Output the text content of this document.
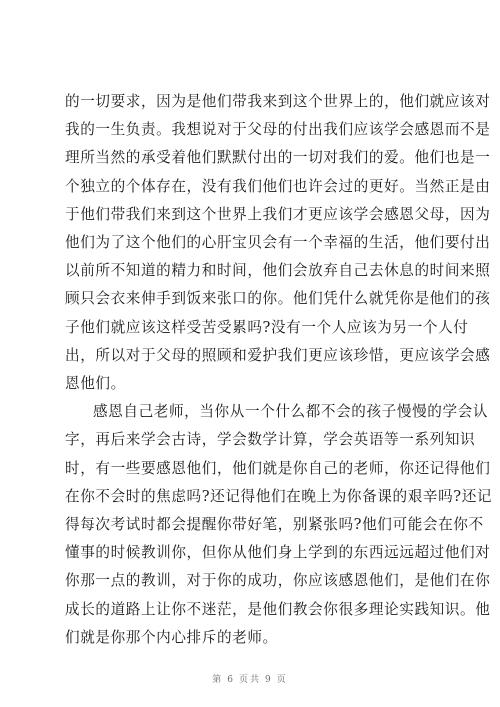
的一切要求，因为是他们带我来到这个世界上的，他们就应该对
我的一生负责。我想说对于父母的付出我们应该学会感恩而不是
理所当然的承受着他们默默付出的一切对我们的爱。他们也是一
个独立的个体存在，没有我们他们也许会过的更好。当然正是由
于他们带我们来到这个世界上我们才更应该学会感恩父母，因为
他们为了这个他们的心肝宝贝会有一个幸福的生活，他们要付出
以前所不知道的精力和时间，他们会放弃自己去休息的时间来照
顾只会衣来伸手到饭来张口的你。他们凭什么就凭你是他们的孩
子他们就应该这样受苦受累吗?没有一个人应该为另一个人付
出，所以对于父母的照顾和爱护我们更应该珍惜，更应该学会感
恩他们。

感恩自己老师，当你从一个什么都不会的孩子慢慢的学会认
字，再后来学会古诗，学会数学计算，学会英语等一系列知识
时，有一些要感恩他们，他们就是你自己的老师，你还记得他们
在你不会时的焦虑吗?还记得他们在晚上为你备课的艰辛吗?还记
得每次考试时都会提醒你带好笔，别紧张吗?他们可能会在你不
懂事的时候教训你，但你从他们身上学到的东西远远超过他们对
你那一点的教训，对于你的成功，你应该感恩他们，是他们在你
成长的道路上让你不迷茫，是他们教会你很多理论实践知识。他
们就是你那个内心排斥的老师。

第 6 页共 9 页
